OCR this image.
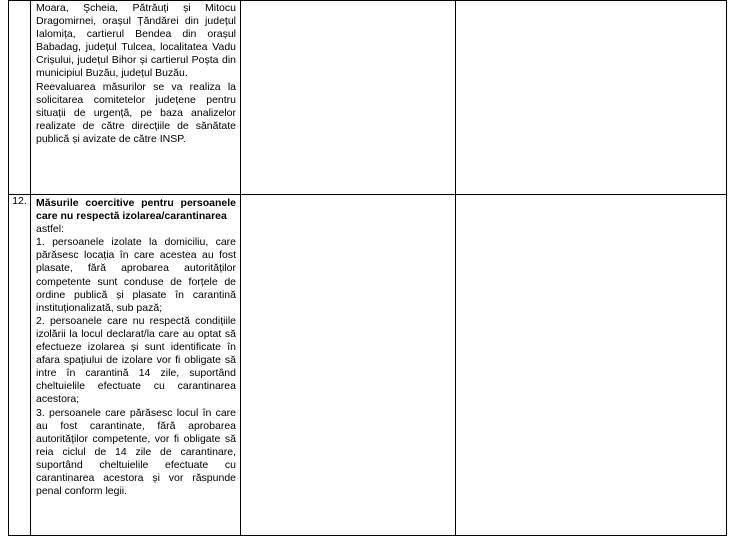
	Moara, Şcheia, Pătrăuți și Mitocu Dragomirnei, orașul Țăndărei din județul Ialomița, cartierul Bendea din orașul Babadag, județul Tulcea, localitatea Vadu Crișului, județul Bihor și cartierul Poșta din municipiul Buzău, județul Buzău.

Reevaluarea măsurilor se va realiza la solicitarea comitetelor județene pentru situații de urgență, pe baza analizelor realizate de către direcțiile de sănătate publică și avizate de către INSP.		

12.	Măsurile coercitive pentru persoanele care nu respectă izolarea/carantinarea

astfel:

1. persoanele izolate la domiciliu, care părăsesc locația în care acestea au fost plasate, fără aprobarea autorităților competente sunt conduse de forțele de ordine publică și plasate în carantină instituționalizată, sub pază;

2. persoanele care nu respectă condițiile izolării la locul declarat/la care au optat să efectueze izolarea și sunt identificate în afara spațiului de izolare vor fi obligate să intre în carantină 14 zile, suportând cheltuielile efectuate cu carantinarea acestora;

3. persoanele care părăsesc locul în care au fost carantinate, fără aprobarea autorităților competente, vor fi obligate să reia ciclul de 14 zile de carantinare, suportând cheltuielile efectuate cu carantinarea acestora și vor răspunde penal conform legii.		
